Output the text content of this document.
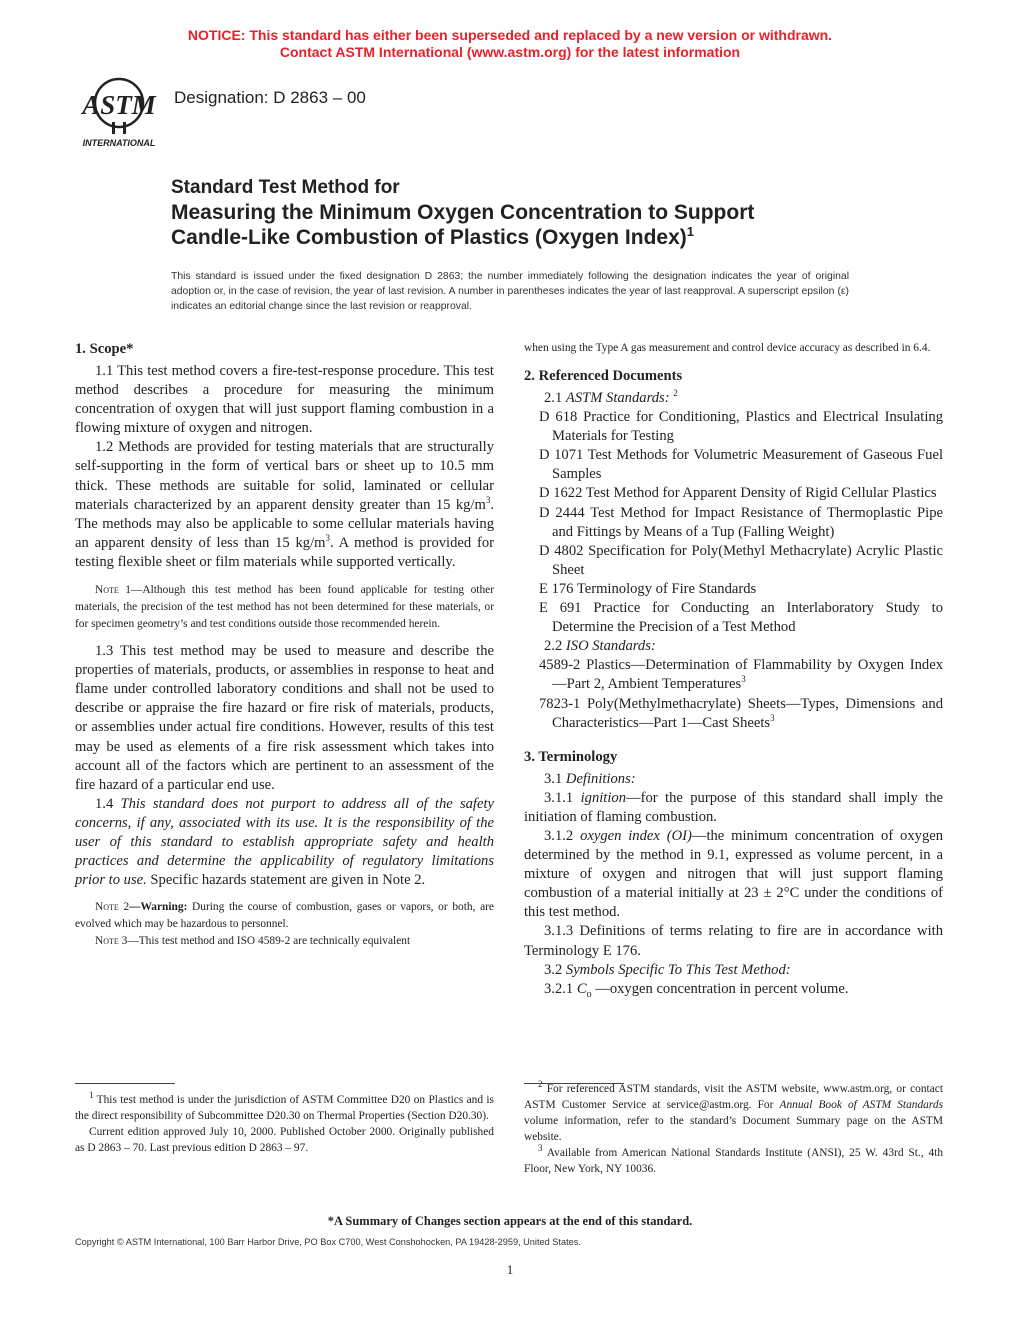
NOTICE: This standard has either been superseded and replaced by a new version or withdrawn.
Contact ASTM International (www.astm.org) for the latest information
ASTM
INTERNATIONAL
Designation: D 2863 – 00
Standard Test Method for
Measuring the Minimum Oxygen Concentration to Support
Candle-Like Combustion of Plastics (Oxygen Index)$^1$
This standard is issued under the fixed designation D 2863; the number immediately following the designation indicates the year of original adoption or, in the case of revision, the year of last revision. A number in parentheses indicates the year of last reapproval. A superscript epsilon (ε) indicates an editorial change since the last revision or reapproval.
1. Scope*

1.1 This test method covers a fire-test-response procedure. This test method describes a procedure for measuring the minimum concentration of oxygen that will just support flaming combustion in a flowing mixture of oxygen and nitrogen.

1.2 Methods are provided for testing materials that are structurally self-supporting in the form of vertical bars or sheet up to 10.5 mm thick. These methods are suitable for solid, laminated or cellular materials characterized by an apparent density greater than 15 $kg/m^3$. The methods may also be applicable to some cellular materials having an apparent density of less than 15 $kg/m^3$. A method is provided for testing flexible sheet or film materials while supported vertically.

Note 1—Although this test method has been found applicable for testing other materials, the precision of the test method has not been determined for these materials, or for specimen geometry’s and test conditions outside those recommended herein.

1.3 This test method may be used to measure and describe the properties of materials, products, or assemblies in response to heat and flame under controlled laboratory conditions and shall not be used to describe or appraise the fire hazard or fire risk of materials, products, or assemblies under actual fire conditions. However, results of this test may be used as elements of a fire risk assessment which takes into account all of the factors which are pertinent to an assessment of the fire hazard of a particular end use.

1.4 This standard does not purport to address all of the safety concerns, if any, associated with its use. It is the responsibility of the user of this standard to establish appropriate safety and health practices and determine the applicability of regulatory limitations prior to use. Specific hazards statement are given in Note 2.

Note 2—Warning: During the course of combustion, gases or vapors, or both, are evolved which may be hazardous to personnel.

Note 3—This test method and ISO 4589-2 are technically equivalent

when using the Type A gas measurement and control device accuracy as described in 6.4.

2. Referenced Documents

2.1 ASTM Standards: $^2$

D 618 Practice for Conditioning, Plastics and Electrical Insulating Materials for Testing

D 1071 Test Methods for Volumetric Measurement of Gaseous Fuel Samples

D 1622 Test Method for Apparent Density of Rigid Cellular Plastics

D 2444 Test Method for Impact Resistance of Thermoplastic Pipe and Fittings by Means of a Tup (Falling Weight)

D 4802 Specification for Poly(Methyl Methacrylate) Acrylic Plastic Sheet

E 176 Terminology of Fire Standards

E 691 Practice for Conducting an Interlaboratory Study to Determine the Precision of a Test Method

2.2 ISO Standards:

4589-2 Plastics—Determination of Flammability by Oxygen Index—Part 2, Ambient Temperatures$^3$

7823-1 Poly(Methylmethacrylate) Sheets—Types, Dimensions and Characteristics—Part 1—Cast Sheets$^3$

3. Terminology

3.1 Definitions:

3.1.1 ignition—for the purpose of this standard shall imply the initiation of flaming combustion.

3.1.2 oxygen index (OI)—the minimum concentration of oxygen determined by the method in 9.1, expressed as volume percent, in a mixture of oxygen and nitrogen that will just support flaming combustion of a material initially at 23 ± 2°C under the conditions of this test method.

3.1.3 Definitions of terms relating to fire are in accordance with Terminology E 176.

3.2 Symbols Specific To This Test Method:

3.2.1 $C_o$ —oxygen concentration in percent volume.

$^1$ This test method is under the jurisdiction of ASTM Committee D20 on Plastics and is the direct responsibility of Subcommittee D20.30 on Thermal Properties (Section D20.30).

Current edition approved July 10, 2000. Published October 2000. Originally published as D 2863 – 70. Last previous edition D 2863 – 97.

$^2$ For referenced ASTM standards, visit the ASTM website, www.astm.org, or contact ASTM Customer Service at service@astm.org. For Annual Book of ASTM Standards volume information, refer to the standard’s Document Summary page on the ASTM website.

$^3$ Available from American National Standards Institute (ANSI), 25 W. 43rd St., 4th Floor, New York, NY 10036.

*A Summary of Changes section appears at the end of this standard.
Copyright © ASTM International, 100 Barr Harbor Drive, PO Box C700, West Conshohocken, PA 19428-2959, United States.
1
